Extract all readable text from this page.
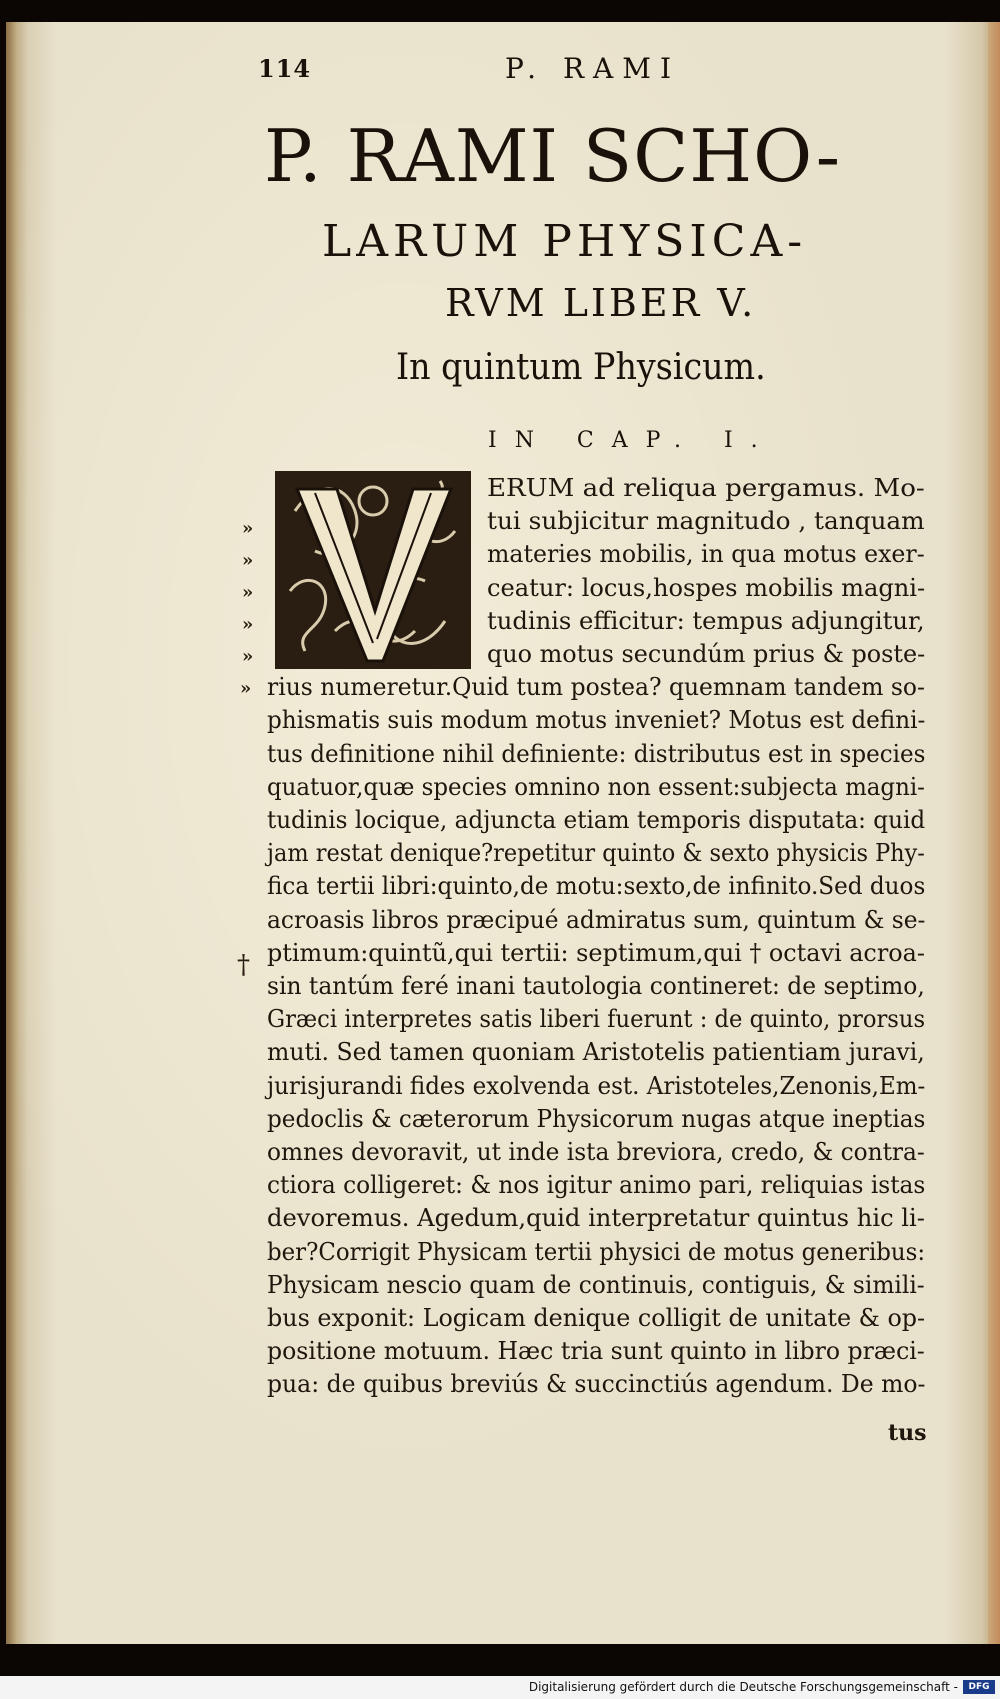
114	P. RAMI
P. RAMI SCHO-
LARUM PHYSICA-
RVM LIBER V.
In quintum Physicum.
IN CAP. I.
ERUM ad reliqua pergamus. Mo-
tui subjicitur magnitudo , tanquam
materies mobilis, in qua motus exer-
ceatur: locus,hospes mobilis magni-
tudinis efficitur: tempus adjungitur,
quo motus secundúm prius & poste-
rius numeretur.Quid tum postea? quemnam tandem so-
phismatis suis modum motus inveniet? Motus est defini-
tus definitione nihil definiente: distributus est in species
quatuor,quæ species omnino non essent:subjecta magni-
tudinis locique, adjuncta etiam temporis disputata: quid
jam restat denique?repetitur quinto & sexto physicis Phy-
fica tertii libri:quinto,de motu:sexto,de infinito.Sed duos
acroasis libros præcipué admiratus sum, quintum & se-
ptimum:quintũ,qui tertii: septimum,qui † octavi acroa-
sin tantúm feré inani tautologia contineret: de septimo,
Græci interpretes satis liberi fuerunt : de quinto, prorsus
muti. Sed tamen quoniam Aristotelis patientiam juravi,
jurisjurandi fides exolvenda est. Aristoteles,Zenonis,Em-
pedoclis & cæterorum Physicorum nugas atque ineptias
omnes devoravit, ut inde ista breviora, credo, & contra-
ctiora colligeret: & nos igitur animo pari, reliquias istas
devoremus. Agedum,quid interpretatur quintus hic li-
ber?Corrigit Physicam tertii physici de motus generibus:
Physicam nescio quam de continuis, contiguis, & simili-
bus exponit: Logicam denique colligit de unitate & op-
positione motuum. Hæc tria sunt quinto in libro præci-
pua: de quibus breviús & succinctiús agendum. De mo-
»
»
»
»
»
»
†
tus
Digitalisierung gefördert durch die Deutsche Forschungsgemeinschaft -	DFG
